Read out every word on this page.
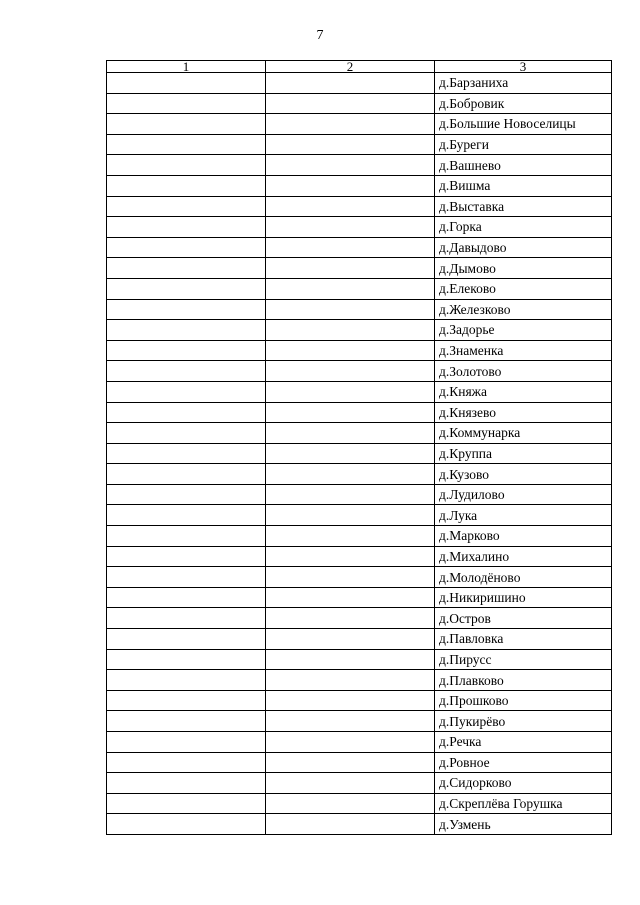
7
1	2	3
		д.Барзаниха
		д.Бобровик
		д.Большие Новоселицы
		д.Буреги
		д.Вашнево
		д.Вишма
		д.Выставка
		д.Горка
		д.Давыдово
		д.Дымово
		д.Елеково
		д.Железково
		д.Задорье
		д.Знаменка
		д.Золотово
		д.Княжа
		д.Князево
		д.Коммунарка
		д.Круппа
		д.Кузово
		д.Лудилово
		д.Лука
		д.Марково
		д.Михалино
		д.Молодёново
		д.Никиришино
		д.Остров
		д.Павловка
		д.Пирусс
		д.Плавково
		д.Прошково
		д.Пукирёво
		д.Речка
		д.Ровное
		д.Сидорково
		д.Скреплёва Горушка
		д.Узмень
